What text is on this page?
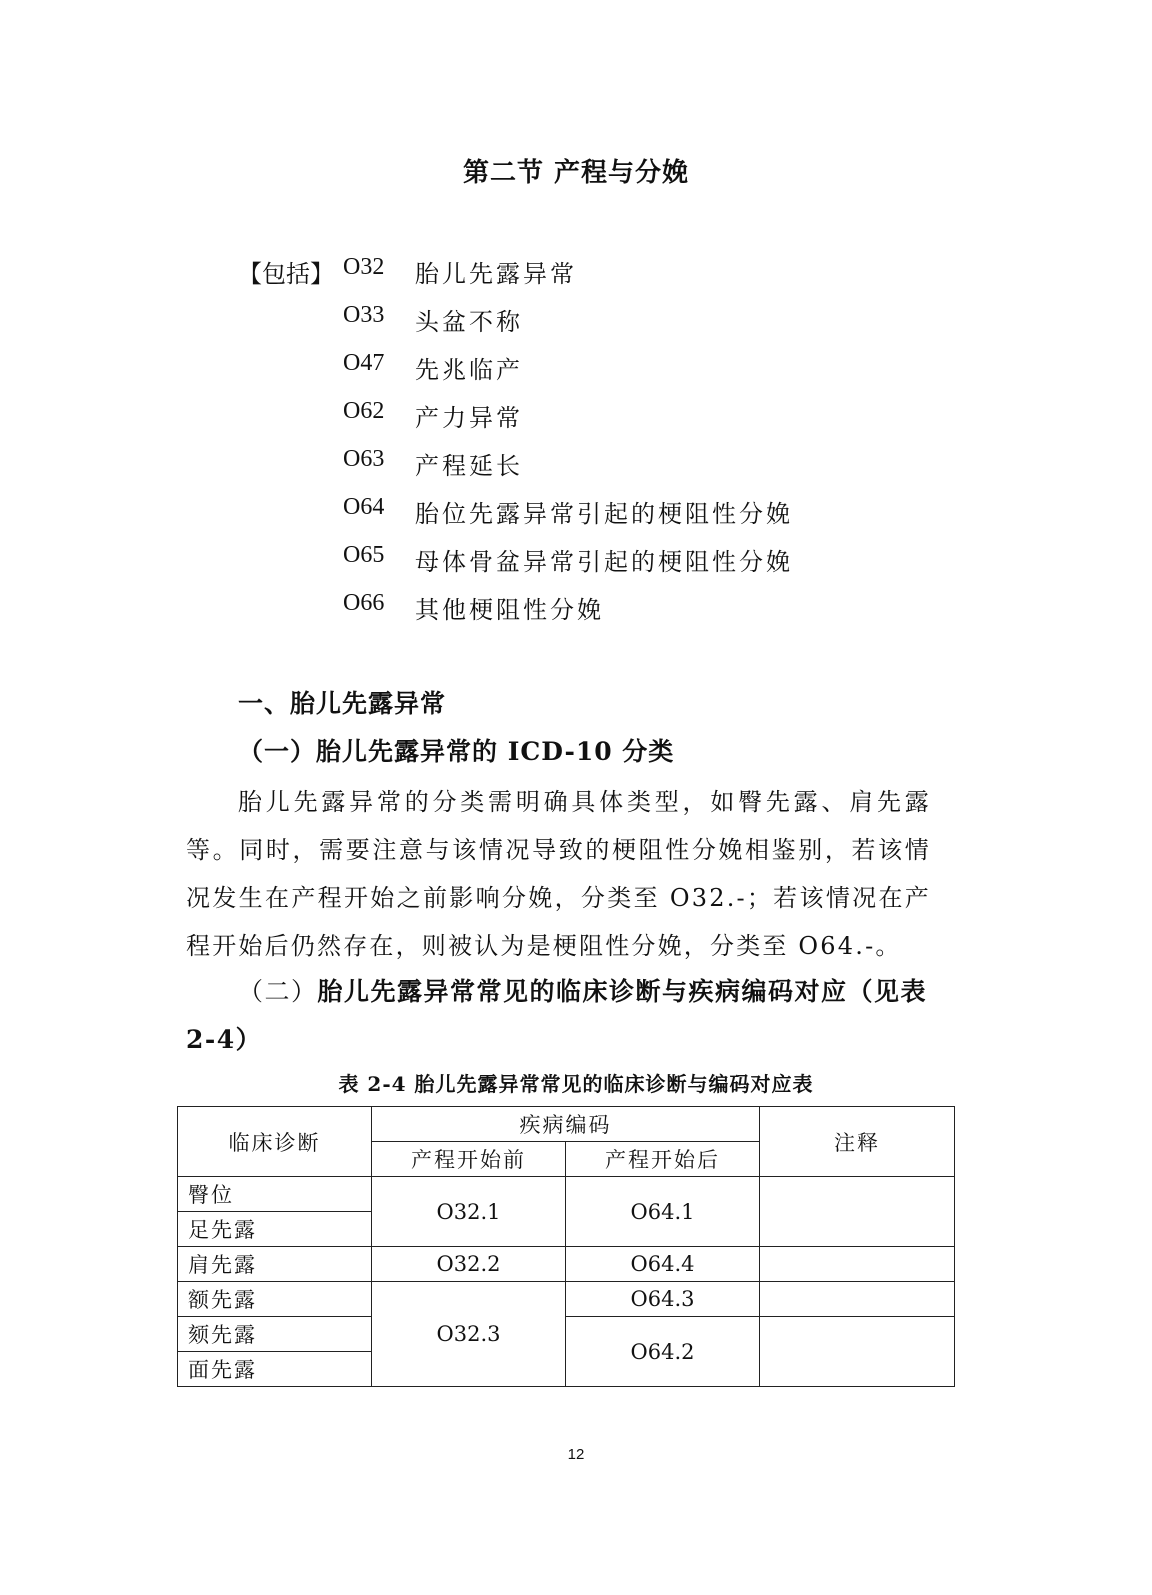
第二节 产程与分娩
【包括】 O32 胎儿先露异常
O33 头盆不称
O47 先兆临产
O62 产力异常
O63 产程延长
O64 胎位先露异常引起的梗阻性分娩
O65 母体骨盆异常引起的梗阻性分娩
O66 其他梗阻性分娩
一、胎儿先露异常
（一）胎儿先露异常的 ICD-10 分类
胎儿先露异常的分类需明确具体类型，如臀先露、肩先露等。同时，需要注意与该情况导致的梗阻性分娩相鉴别，若该情况发生在产程开始之前影响分娩，分类至 O32.-；若该情况在产程开始后仍然存在，则被认为是梗阻性分娩，分类至 O64.-。
（二）胎儿先露异常常见的临床诊断与疾病编码对应（见表 2-4）
表 2-4 胎儿先露异常常见的临床诊断与编码对应表
临床诊断	疾病编码		注释
	产程开始前	产程开始后	
臀位	O32.1	O64.1	
足先露			
肩先露	O32.2	O64.4	
额先露	O32.3	O64.3	
颏先露		O64.2	
面先露			
12
